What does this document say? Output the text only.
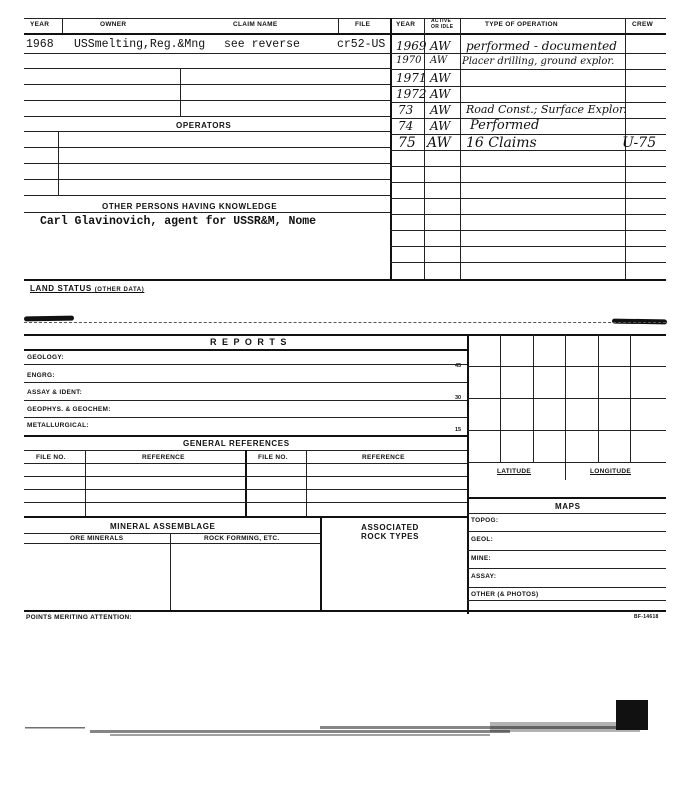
YEAR	OWNER	CLAIM NAME	FILE	YEAR	ACTIVE
OR IDLE	TYPE OF OPERATION	CREW
1968 USSmelting,Reg.&Mng see reverse	cr52-US
OPERATORS
OTHER PERSONS HAVING KNOWLEDGE
Carl Glavinovich, agent for USSR&M, Nome
1969 AW performed - documented
1970 AW Placer drilling, ground explor.
1971 AW
1972 AW
73 AW Road Const.; Surface Explor.
74 AW Performed
75 AW 16 Claims	U-75
LAND STATUS (OTHER DATA)
R E P O R T S
GEOLOGY:
ENGRG:
ASSAY & IDENT:
GEOPHYS. & GEOCHEM:
METALLURGICAL:
45
30
15
GENERAL REFERENCES
FILE NO.	REFERENCE	FILE NO.	REFERENCE
MINERAL ASSEMBLAGE
ORE MINERALS	ROCK FORMING, ETC.
ASSOCIATED
ROCK TYPES
LATITUDE	LONGITUDE
MAPS
TOPOG:
GEOL:
MINE:
ASSAY:
OTHER (& PHOTOS)
POINTS MERITING ATTENTION:	BF-14618
